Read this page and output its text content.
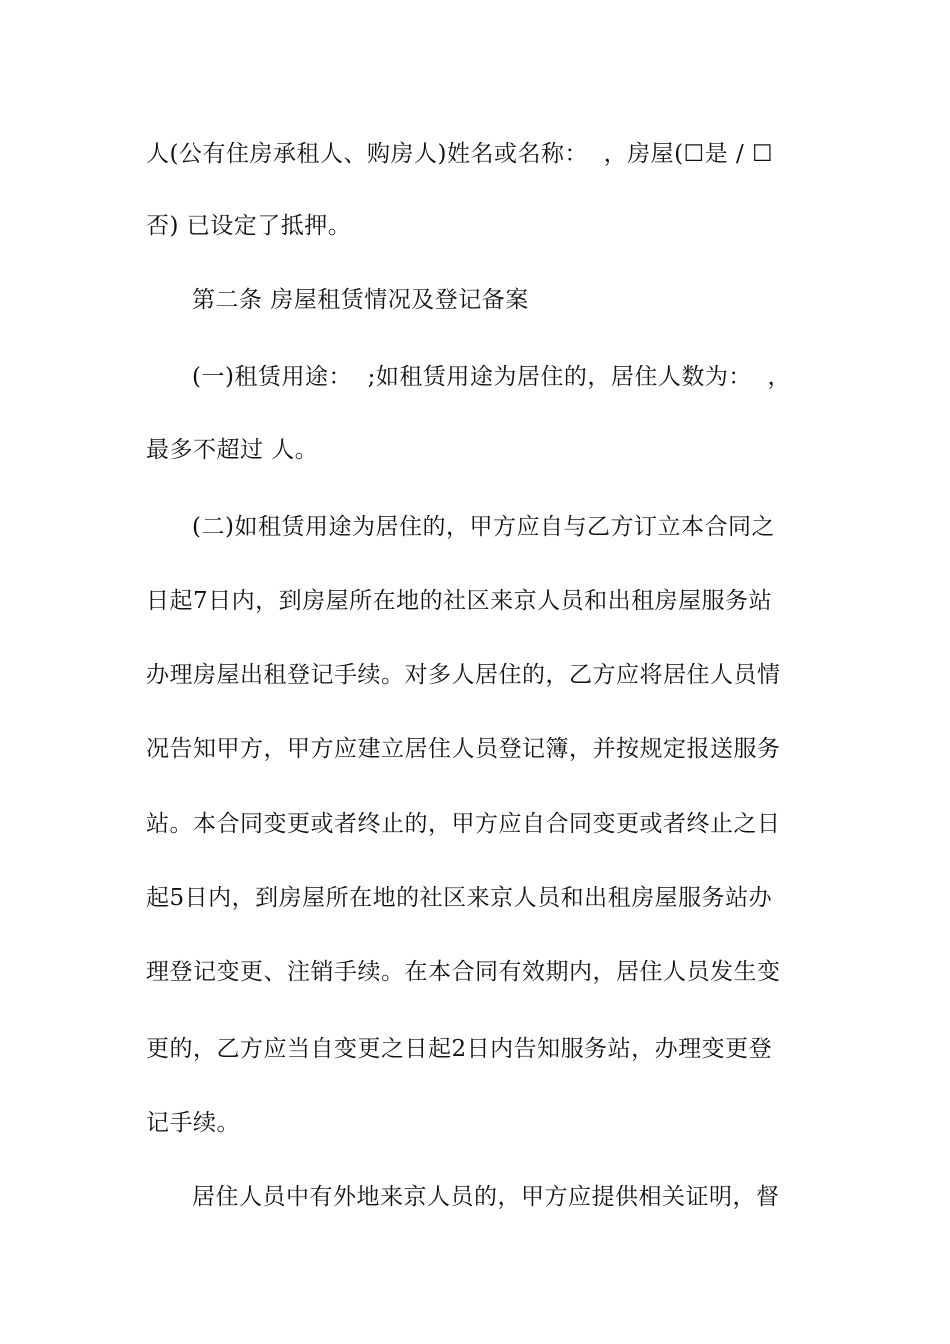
人(公有住房承租人、购房人)姓名或名称：  ，房屋(☐是 / ☐
否) 已设定了抵押。
第二条 房屋租赁情况及登记备案
(一)租赁用途：  ;如租赁用途为居住的，居住人数为：  ，
最多不超过 人。
(二)如租赁用途为居住的，甲方应自与乙方订立本合同之
日起7日内，到房屋所在地的社区来京人员和出租房屋服务站
办理房屋出租登记手续。对多人居住的，乙方应将居住人员情
况告知甲方，甲方应建立居住人员登记簿，并按规定报送服务
站。本合同变更或者终止的，甲方应自合同变更或者终止之日
起5日内，到房屋所在地的社区来京人员和出租房屋服务站办
理登记变更、注销手续。在本合同有效期内，居住人员发生变
更的，乙方应当自变更之日起2日内告知服务站，办理变更登
记手续。
居住人员中有外地来京人员的，甲方应提供相关证明，督
